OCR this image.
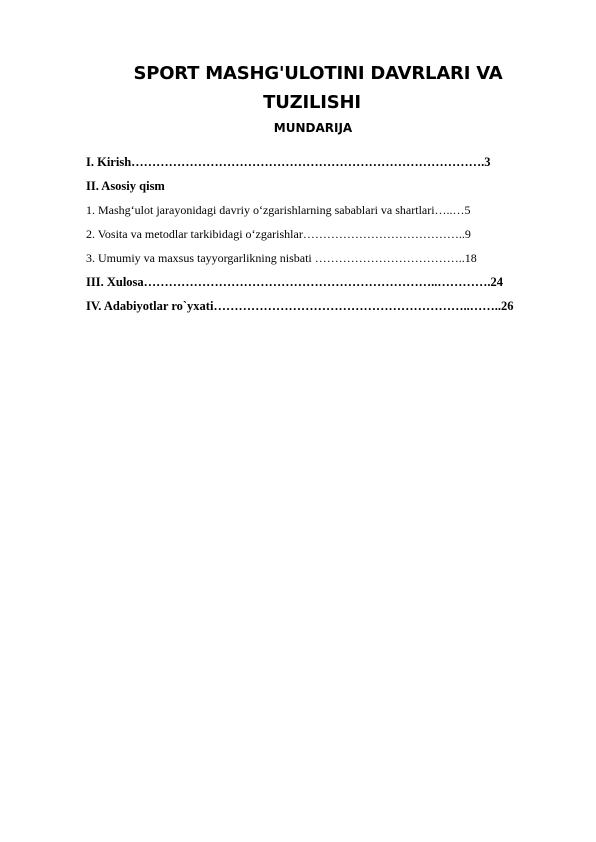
SPORT MASHG'ULOTINI DAVRLARI VA
TUZILISHI
MUNDARIJA
I. Kirish………………………………………………………………………….3
II. Asosiy qism
1. Mashg‘ulot jarayonidagi davriy o‘zgarishlarning sabablari va shartlari…..…5
2. Vosita va metodlar tarkibidagi o‘zgarishlar…………………………………..9
3. Umumiy va maxsus tayyorgarlikning nisbati ………………………………..18
III. Xulosa……………………………………………………………..………….24
IV. Adabiyotlar ro`yxati……………………………………………………..……..26
